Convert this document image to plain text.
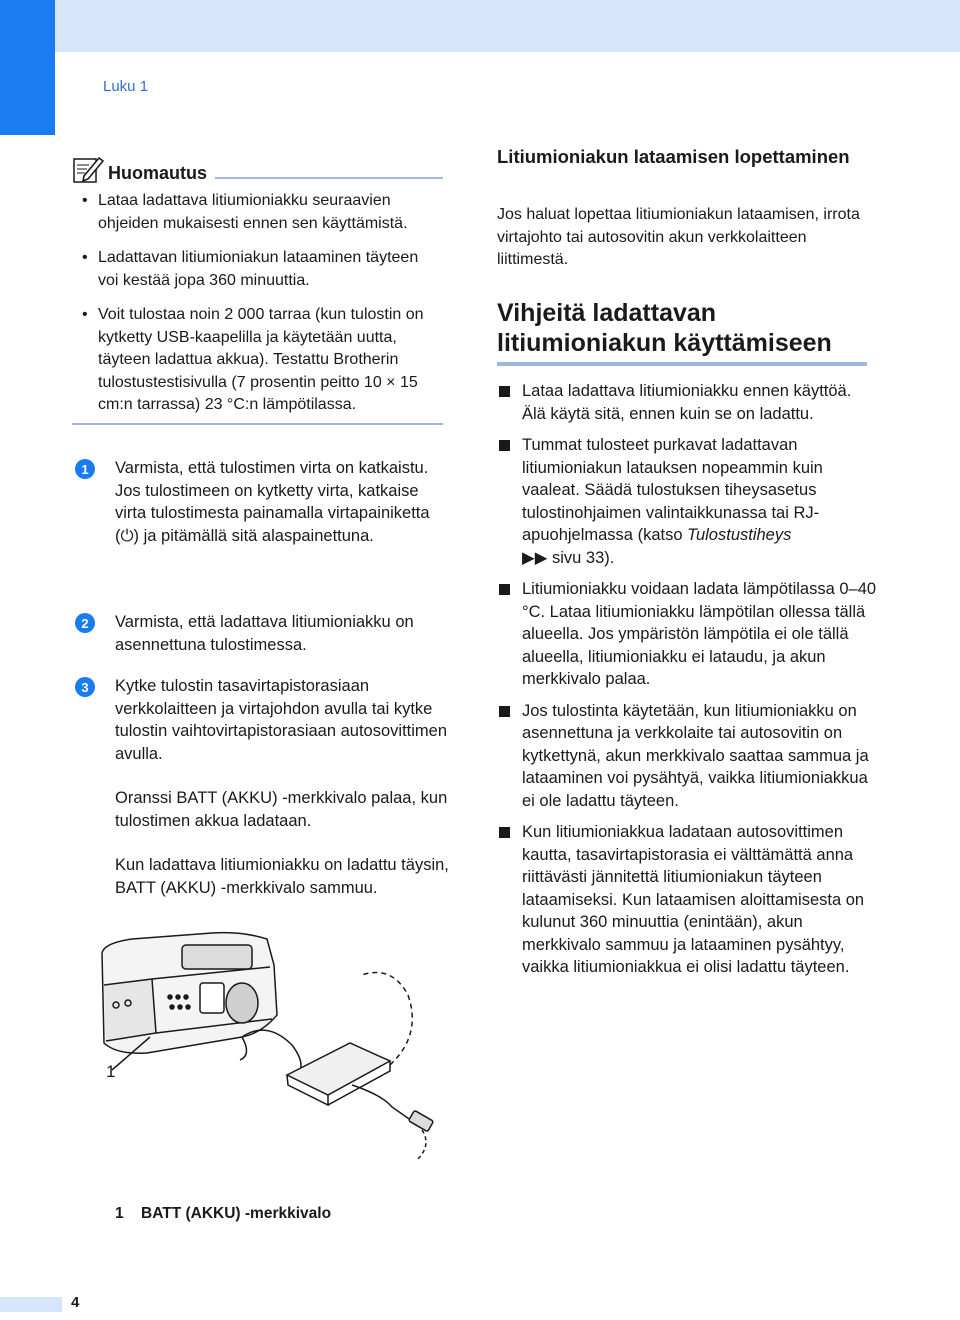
Luku 1
Huomautus
• Lataa ladattava litiumioniakku seuraavien ohjeiden mukaisesti ennen sen käyttämistä.
• Ladattavan litiumioniakun lataaminen täyteen voi kestää jopa 360 minuuttia.
• Voit tulostaa noin 2 000 tarraa (kun tulostin on kytketty USB-kaapelilla ja käytetään uutta, täyteen ladattua akkua). Testattu Brotherin tulostustestisivulla (7 prosentin peitto 10 × 15 cm:n tarrassa) 23 °C:n lämpötilassa.
1	Varmista, että tulostimen virta on katkaistu.
Jos tulostimeen on kytketty virta, katkaise virta tulostimesta painamalla virtapainiketta (⏻) ja pitämällä sitä alaspainettuna.
2	Varmista, että ladattava litiumioniakku on asennettuna tulostimessa.
3	Kytke tulostin tasavirtapistorasiaan verkkolaitteen ja virtajohdon avulla tai kytke tulostin vaihtovirtapistorasiaan autosovittimen avulla.
Oranssi BATT (AKKU) -merkkivalo palaa, kun tulostimen akkua ladataan.
Kun ladattava litiumioniakku on ladattu täysin, BATT (AKKU) -merkkivalo sammuu.
1
1 BATT (AKKU) -merkkivalo
Litiumioniakun lataamisen lopettaminen
Jos haluat lopettaa litiumioniakun lataamisen, irrota virtajohto tai autosovitin akun verkkolaitteen liittimestä.
Vihjeitä ladattavan litiumioniakun käyttämiseen
Lataa ladattava litiumioniakku ennen käyttöä. Älä käytä sitä, ennen kuin se on ladattu.
Tummat tulosteet purkavat ladattavan litiumioniakun latauksen nopeammin kuin vaaleat. Säädä tulostuksen tiheysasetus tulostinohjaimen valintaikkunassa tai RJ-apuohjelmassa (katso Tulostustiheys
▶▶ sivu 33).
Litiumioniakku voidaan ladata lämpötilassa 0–40 °C. Lataa litiumioniakku lämpötilan ollessa tällä alueella. Jos ympäristön lämpötila ei ole tällä alueella, litiumioniakku ei lataudu, ja akun merkkivalo palaa.
Jos tulostinta käytetään, kun litiumioniakku on asennettuna ja verkkolaite tai autosovitin on kytkettynä, akun merkkivalo saattaa sammua ja lataaminen voi pysähtyä, vaikka litiumioniakkua ei ole ladattu täyteen.
Kun litiumioniakkua ladataan autosovittimen kautta, tasavirtapistorasia ei välttämättä anna riittävästi jännitettä litiumioniakun täyteen lataamiseksi. Kun lataamisen aloittamisesta on kulunut 360 minuuttia (enintään), akun merkkivalo sammuu ja lataaminen pysähtyy, vaikka litiumioniakkua ei olisi ladattu täyteen.
4
